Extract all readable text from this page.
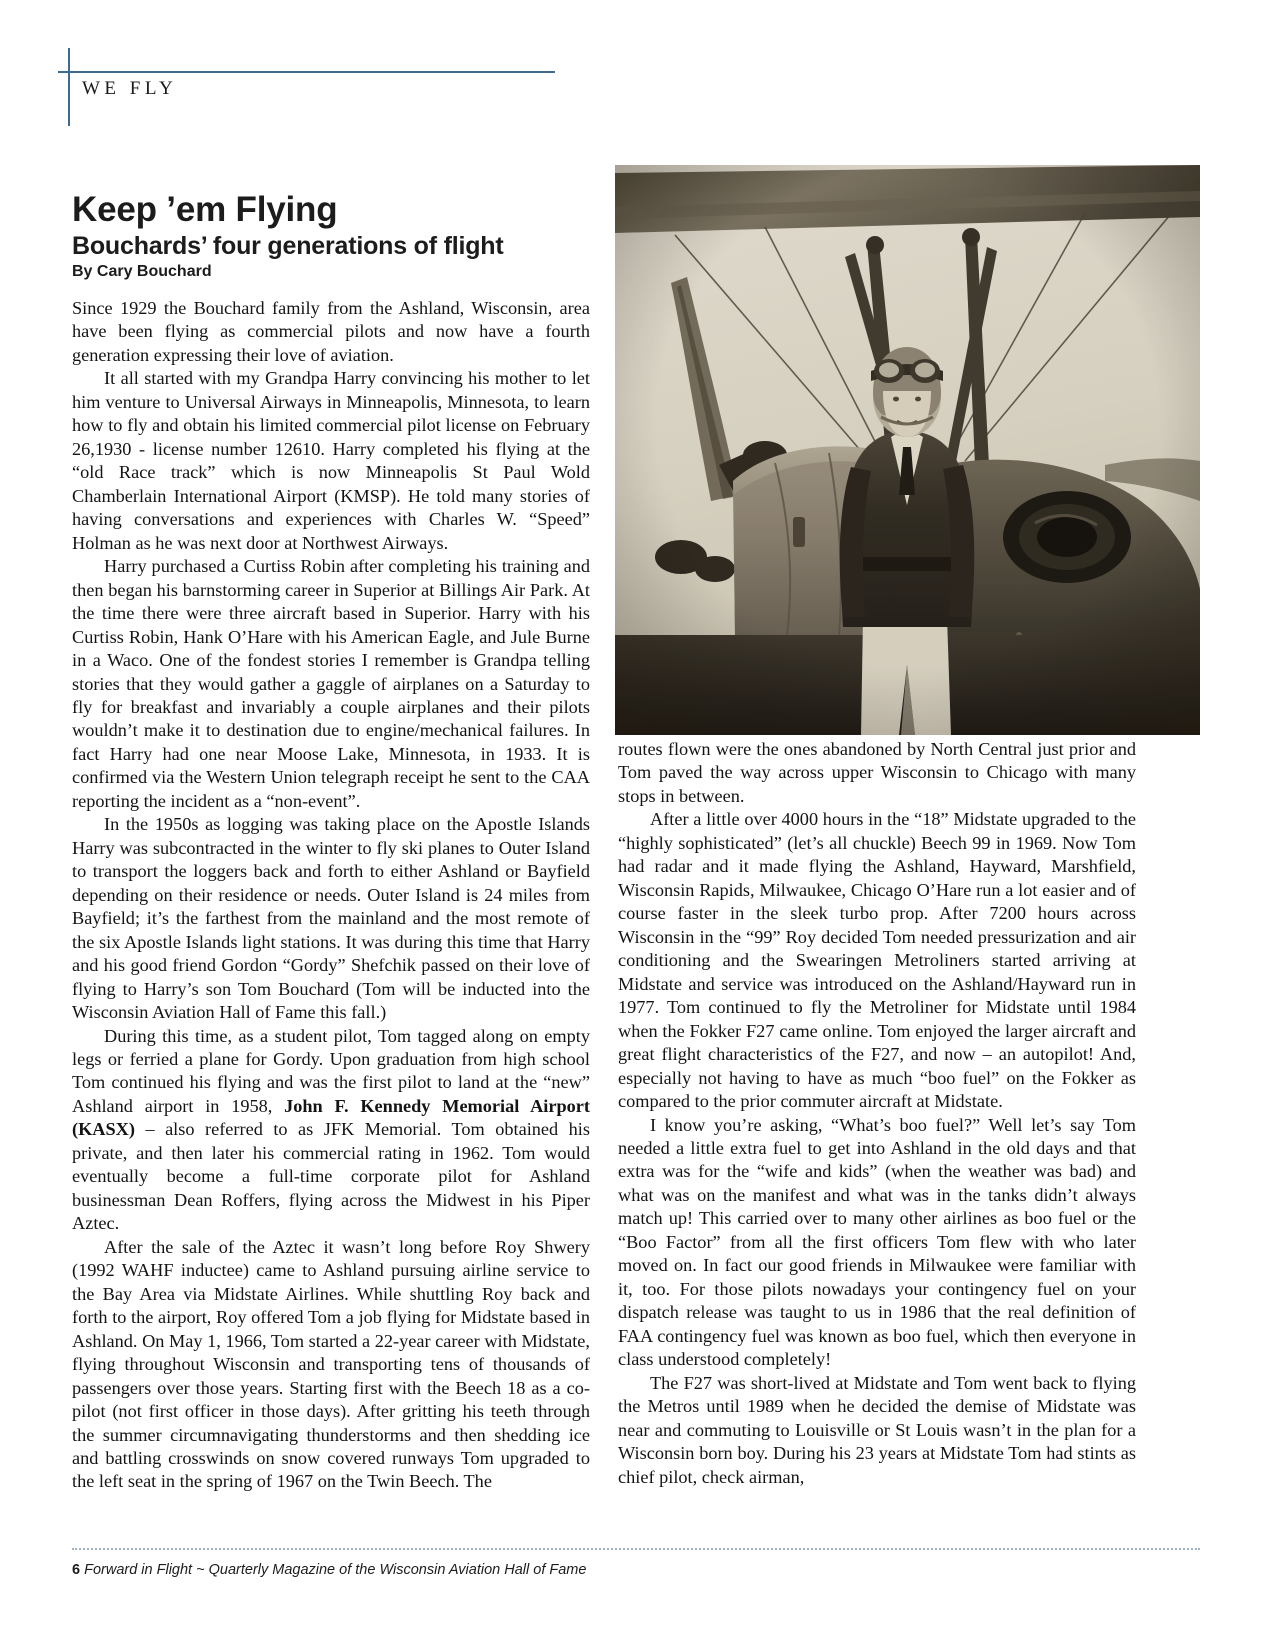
WE FLY
Keep ’em Flying
Bouchards’ four generations of flight
By Cary Bouchard

Since 1929 the Bouchard family from the Ashland, Wisconsin, area have been flying as commercial pilots and now have a fourth generation expressing their love of aviation.

It all started with my Grandpa Harry convincing his mother to let him venture to Universal Airways in Minneapolis, Minnesota, to learn how to fly and obtain his limited commercial pilot license on February 26,1930 - license number 12610. Harry completed his flying at the “old Race track” which is now Minneapolis St Paul Wold Chamberlain International Airport (KMSP). He told many stories of having conversations and experiences with Charles W. “Speed” Holman as he was next door at Northwest Airways.

Harry purchased a Curtiss Robin after completing his training and then began his barnstorming career in Superior at Billings Air Park. At the time there were three aircraft based in Superior. Harry with his Curtiss Robin, Hank O’Hare with his American Eagle, and Jule Burne in a Waco. One of the fondest stories I remember is Grandpa telling stories that they would gather a gaggle of airplanes on a Saturday to fly for breakfast and invariably a couple airplanes and their pilots wouldn’t make it to destination due to engine/mechanical failures. In fact Harry had one near Moose Lake, Minnesota, in 1933. It is confirmed via the Western Union telegraph receipt he sent to the CAA reporting the incident as a “non-event”.

In the 1950s as logging was taking place on the Apostle Islands Harry was subcontracted in the winter to fly ski planes to Outer Island to transport the loggers back and forth to either Ashland or Bayfield depending on their residence or needs. Outer Island is 24 miles from Bayfield; it’s the farthest from the mainland and the most remote of the six Apostle Islands light stations. It was during this time that Harry and his good friend Gordon “Gordy” Shefchik passed on their love of flying to Harry’s son Tom Bouchard (Tom will be inducted into the Wisconsin Aviation Hall of Fame this fall.)

During this time, as a student pilot, Tom tagged along on empty legs or ferried a plane for Gordy. Upon graduation from high school Tom continued his flying and was the first pilot to land at the “new” Ashland airport in 1958, John F. Kennedy Memorial Airport (KASX) – also referred to as JFK Memorial. Tom obtained his private, and then later his commercial rating in 1962. Tom would eventually become a full-time corporate pilot for Ashland businessman Dean Roffers, flying across the Midwest in his Piper Aztec.

After the sale of the Aztec it wasn’t long before Roy Shwery (1992 WAHF inductee) came to Ashland pursuing airline service to the Bay Area via Midstate Airlines. While shuttling Roy back and forth to the airport, Roy offered Tom a job flying for Midstate based in Ashland. On May 1, 1966, Tom started a 22-year career with Midstate, flying throughout Wisconsin and transporting tens of thousands of passengers over those years. Starting first with the Beech 18 as a co-pilot (not first officer in those days). After gritting his teeth through the summer circumnavigating thunderstorms and then shedding ice and battling crosswinds on snow covered runways Tom upgraded to the left seat in the spring of 1967 on the Twin Beech. The

routes flown were the ones abandoned by North Central just prior and Tom paved the way across upper Wisconsin to Chicago with many stops in between.

After a little over 4000 hours in the “18” Midstate upgraded to the “highly sophisticated” (let’s all chuckle) Beech 99 in 1969. Now Tom had radar and it made flying the Ashland, Hayward, Marshfield, Wisconsin Rapids, Milwaukee, Chicago O’Hare run a lot easier and of course faster in the sleek turbo prop. After 7200 hours across Wisconsin in the “99” Roy decided Tom needed pressurization and air conditioning and the Swearingen Metroliners started arriving at Midstate and service was introduced on the Ashland/Hayward run in 1977. Tom continued to fly the Metroliner for Midstate until 1984 when the Fokker F27 came online. Tom enjoyed the larger aircraft and great flight characteristics of the F27, and now – an autopilot! And, especially not having to have as much “boo fuel” on the Fokker as compared to the prior commuter aircraft at Midstate.

I know you’re asking, “What’s boo fuel?” Well let’s say Tom needed a little extra fuel to get into Ashland in the old days and that extra was for the “wife and kids” (when the weather was bad) and what was on the manifest and what was in the tanks didn’t always match up! This carried over to many other airlines as boo fuel or the “Boo Factor” from all the first officers Tom flew with who later moved on. In fact our good friends in Milwaukee were familiar with it, too. For those pilots nowadays your contingency fuel on your dispatch release was taught to us in 1986 that the real definition of FAA contingency fuel was known as boo fuel, which then everyone in class understood completely!

The F27 was short-lived at Midstate and Tom went back to flying the Metros until 1989 when he decided the demise of Midstate was near and commuting to Louisville or St Louis wasn’t in the plan for a Wisconsin born boy. During his 23 years at Midstate Tom had stints as chief pilot, check airman,

6 Forward in Flight ~ Quarterly Magazine of the Wisconsin Aviation Hall of Fame
